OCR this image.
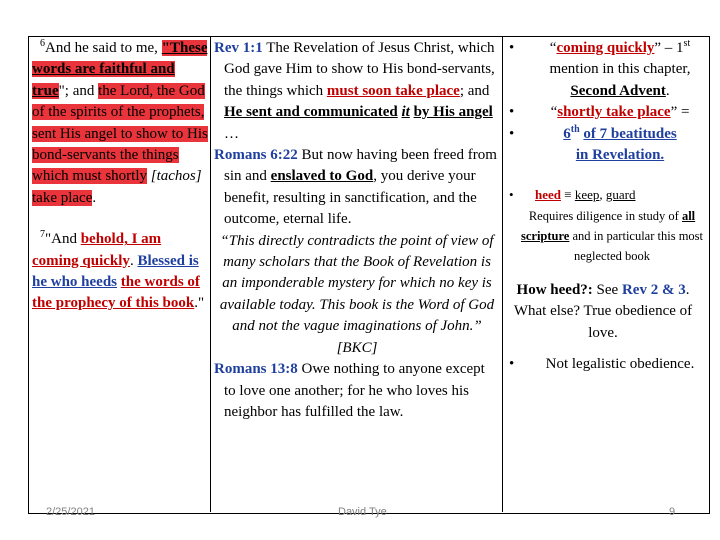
$^6$And he said to me, "These words are faithful and true"; and the Lord, the God of the spirits of the prophets, sent His angel to show to His bond-servants the things which must shortly [tachos] take place.

$^7$"And behold, I am coming quickly. Blessed is he who heeds the words of the prophecy of this book."

Rev 1:1 The Revelation of Jesus Christ, which God gave Him to show to His bond-servants, the things which must soon take place; and He sent and communicated it by His angel
…

Romans 6:22 But now having been freed from sin and enslaved to God, you derive your benefit, resulting in sanctification, and the outcome, eternal life.

“This directly contradicts the point of view of many scholars that the Book of Revelation is an imponderable mystery for which no key is available today. This book is the Word of God and not the vague imaginations of John.” [BKC]

Romans 13:8 Owe nothing to anyone except to love one another; for he who loves his neighbor has fulfilled the law.

• “coming quickly” – 1st mention in this chapter, Second Advent.
• “shortly take place” =
• 6th of 7 beatitudes
in Revelation.
• heed ≡ keep, guard
Requires diligence in study of all scripture and in particular this most neglected book
How heed?: See Rev 2 & 3. What else? True obedience of love.
• Not legalistic obedience.
2/25/2021	David Tye	9
